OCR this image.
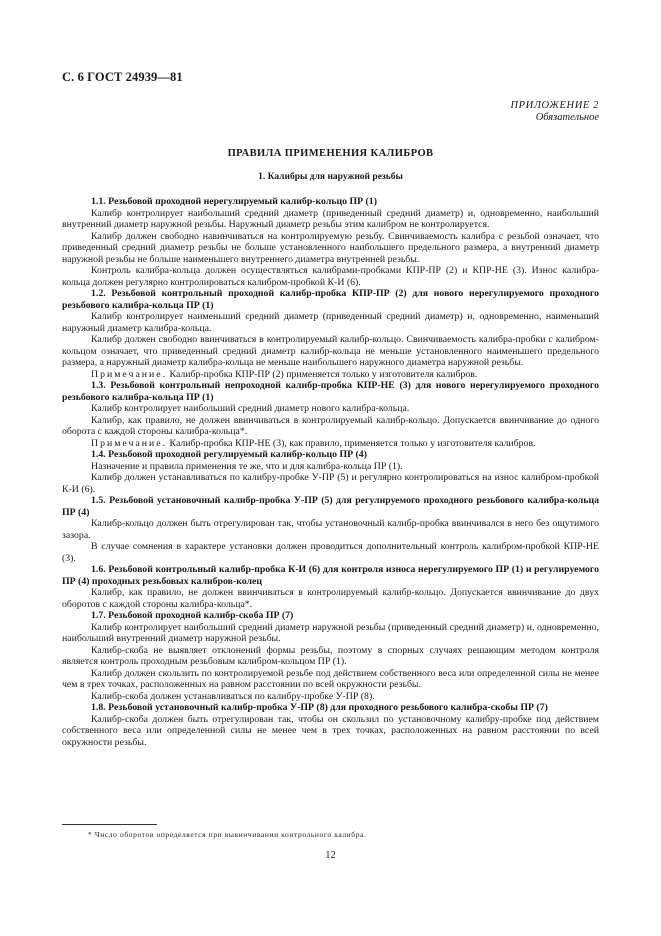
С. 6 ГОСТ 24939—81
ПРИЛОЖЕНИЕ 2
Обязательное
ПРАВИЛА ПРИМЕНЕНИЯ КАЛИБРОВ
1. Калибры для наружной резьбы

1.1. Резьбовой проходной нерегулируемый калибр-кольцо ПР (1)

Калибр контролирует наибольший средний диаметр (приведенный средний диаметр) и, одновременно, наибольший внутренний диаметр наружной резьбы. Наружный диаметр резьбы этим калибром не контролируется.

Калибр должен свободно навинчиваться на контролируемую резьбу. Свинчиваемость калибра с резьбой означает, что приведенный средний диаметр резьбы не больше установленного наибольшего предельного размера, а внутренний диаметр наружной резьбы не больше наименьшего внутреннего диаметра внутренней резьбы.

Контроль калибра-кольца должен осуществляться калибрами-пробками КПР-ПР (2) и КПР-НЕ (3). Износ калибра-кольца должен регулярно контролироваться калибром-пробкой К-И (6).

1.2. Резьбовой контрольный проходной калибр-пробка КПР-ПР (2) для нового нерегулируемого проходного резьбового калибра-кольца ПР (1)

Калибр контролирует наименьший средний диаметр (приведенный средний диаметр) и, одновременно, наименьший наружный диаметр калибра-кольца.

Калибр должен свободно ввинчиваться в контролируемый калибр-кольцо. Свинчиваемость калибра-пробки с калибром-кольцом означает, что приведенный средний диаметр калибр-кольца не меньше установленного наименьшего предельного размера, а наружный диаметр калибра-кольца не меньше наибольшего наружного диаметра наружной резьбы.

Примечание. Калибр-пробка КПР-ПР (2) применяется только у изготовителя калибров.

1.3. Резьбовой контрольный непроходной калибр-пробка КПР-НЕ (3) для нового нерегулируемого проходного резьбового калибра-кольца ПР (1)

Калибр контролирует наибольший средний диаметр нового калибра-кольца.

Калибр, как правило, не должен ввинчиваться в контролируемый калибр-кольцо. Допускается ввинчивание до одного оборота с каждой стороны калибра-кольца*.

Примечание. Калибр-пробка КПР-НЕ (3), как правило, применяется только у изготовителя калибров.

1.4. Резьбовой проходной регулируемый калибр-кольцо ПР (4)

Назначение и правила применения те же, что и для калибра-кольца ПР (1).

Калибр должен устанавливаться по калибру-пробке У-ПР (5) и регулярно контролироваться на износ калибром-пробкой К-И (6).

1.5. Резьбовой установочный калибр-пробка У-ПР (5) для регулируемого проходного резьбового калибра-кольца ПР (4)

Калибр-кольцо должен быть отрегулирован так, чтобы установочный калибр-пробка ввинчивался в него без ощутимого зазора.

В случае сомнения в характере установки должен проводиться дополнительный контроль калибром-пробкой КПР-НЕ (3).

1.6. Резьбовой контрольный калибр-пробка К-И (6) для контроля износа нерегулируемого ПР (1) и регулируемого ПР (4) проходных резьбовых калибров-колец

Калибр, как правило, не должен ввинчиваться в контролируемый калибр-кольцо. Допускается ввинчивание до двух оборотов с каждой стороны калибра-кольца*.

1.7. Резьбовой проходной калибр-скоба ПР (7)

Калибр контролирует наибольший средний диаметр наружной резьбы (приведенный средний диаметр) и, одновременно, наибольший внутренний диаметр наружной резьбы.

Калибр-скоба не выявляет отклонений формы резьбы, поэтому в спорных случаях решающим методом контроля является контроль проходным резьбовым калибром-кольцом ПР (1).

Калибр должен скользить по контролируемой резьбе под действием собственного веса или определенной силы не менее чем в трех точках, расположенных на равном расстоянии по всей окружности резьбы.

Калибр-скоба должен устанавливаться по калибру-пробке У-ПР (8).

1.8. Резьбовой установочный калибр-пробка У-ПР (8) для проходного резьбового калибра-скобы ПР (7)

Калибр-скоба должен быть отрегулирован так, чтобы он скользил по установочному калибру-пробке под действием собственного веса или определенной силы не менее чем в трех точках, расположенных на равном расстоянии по всей окружности резьбы.

* Число оборотов определяется при вывинчивании контрольного калибра.
12
